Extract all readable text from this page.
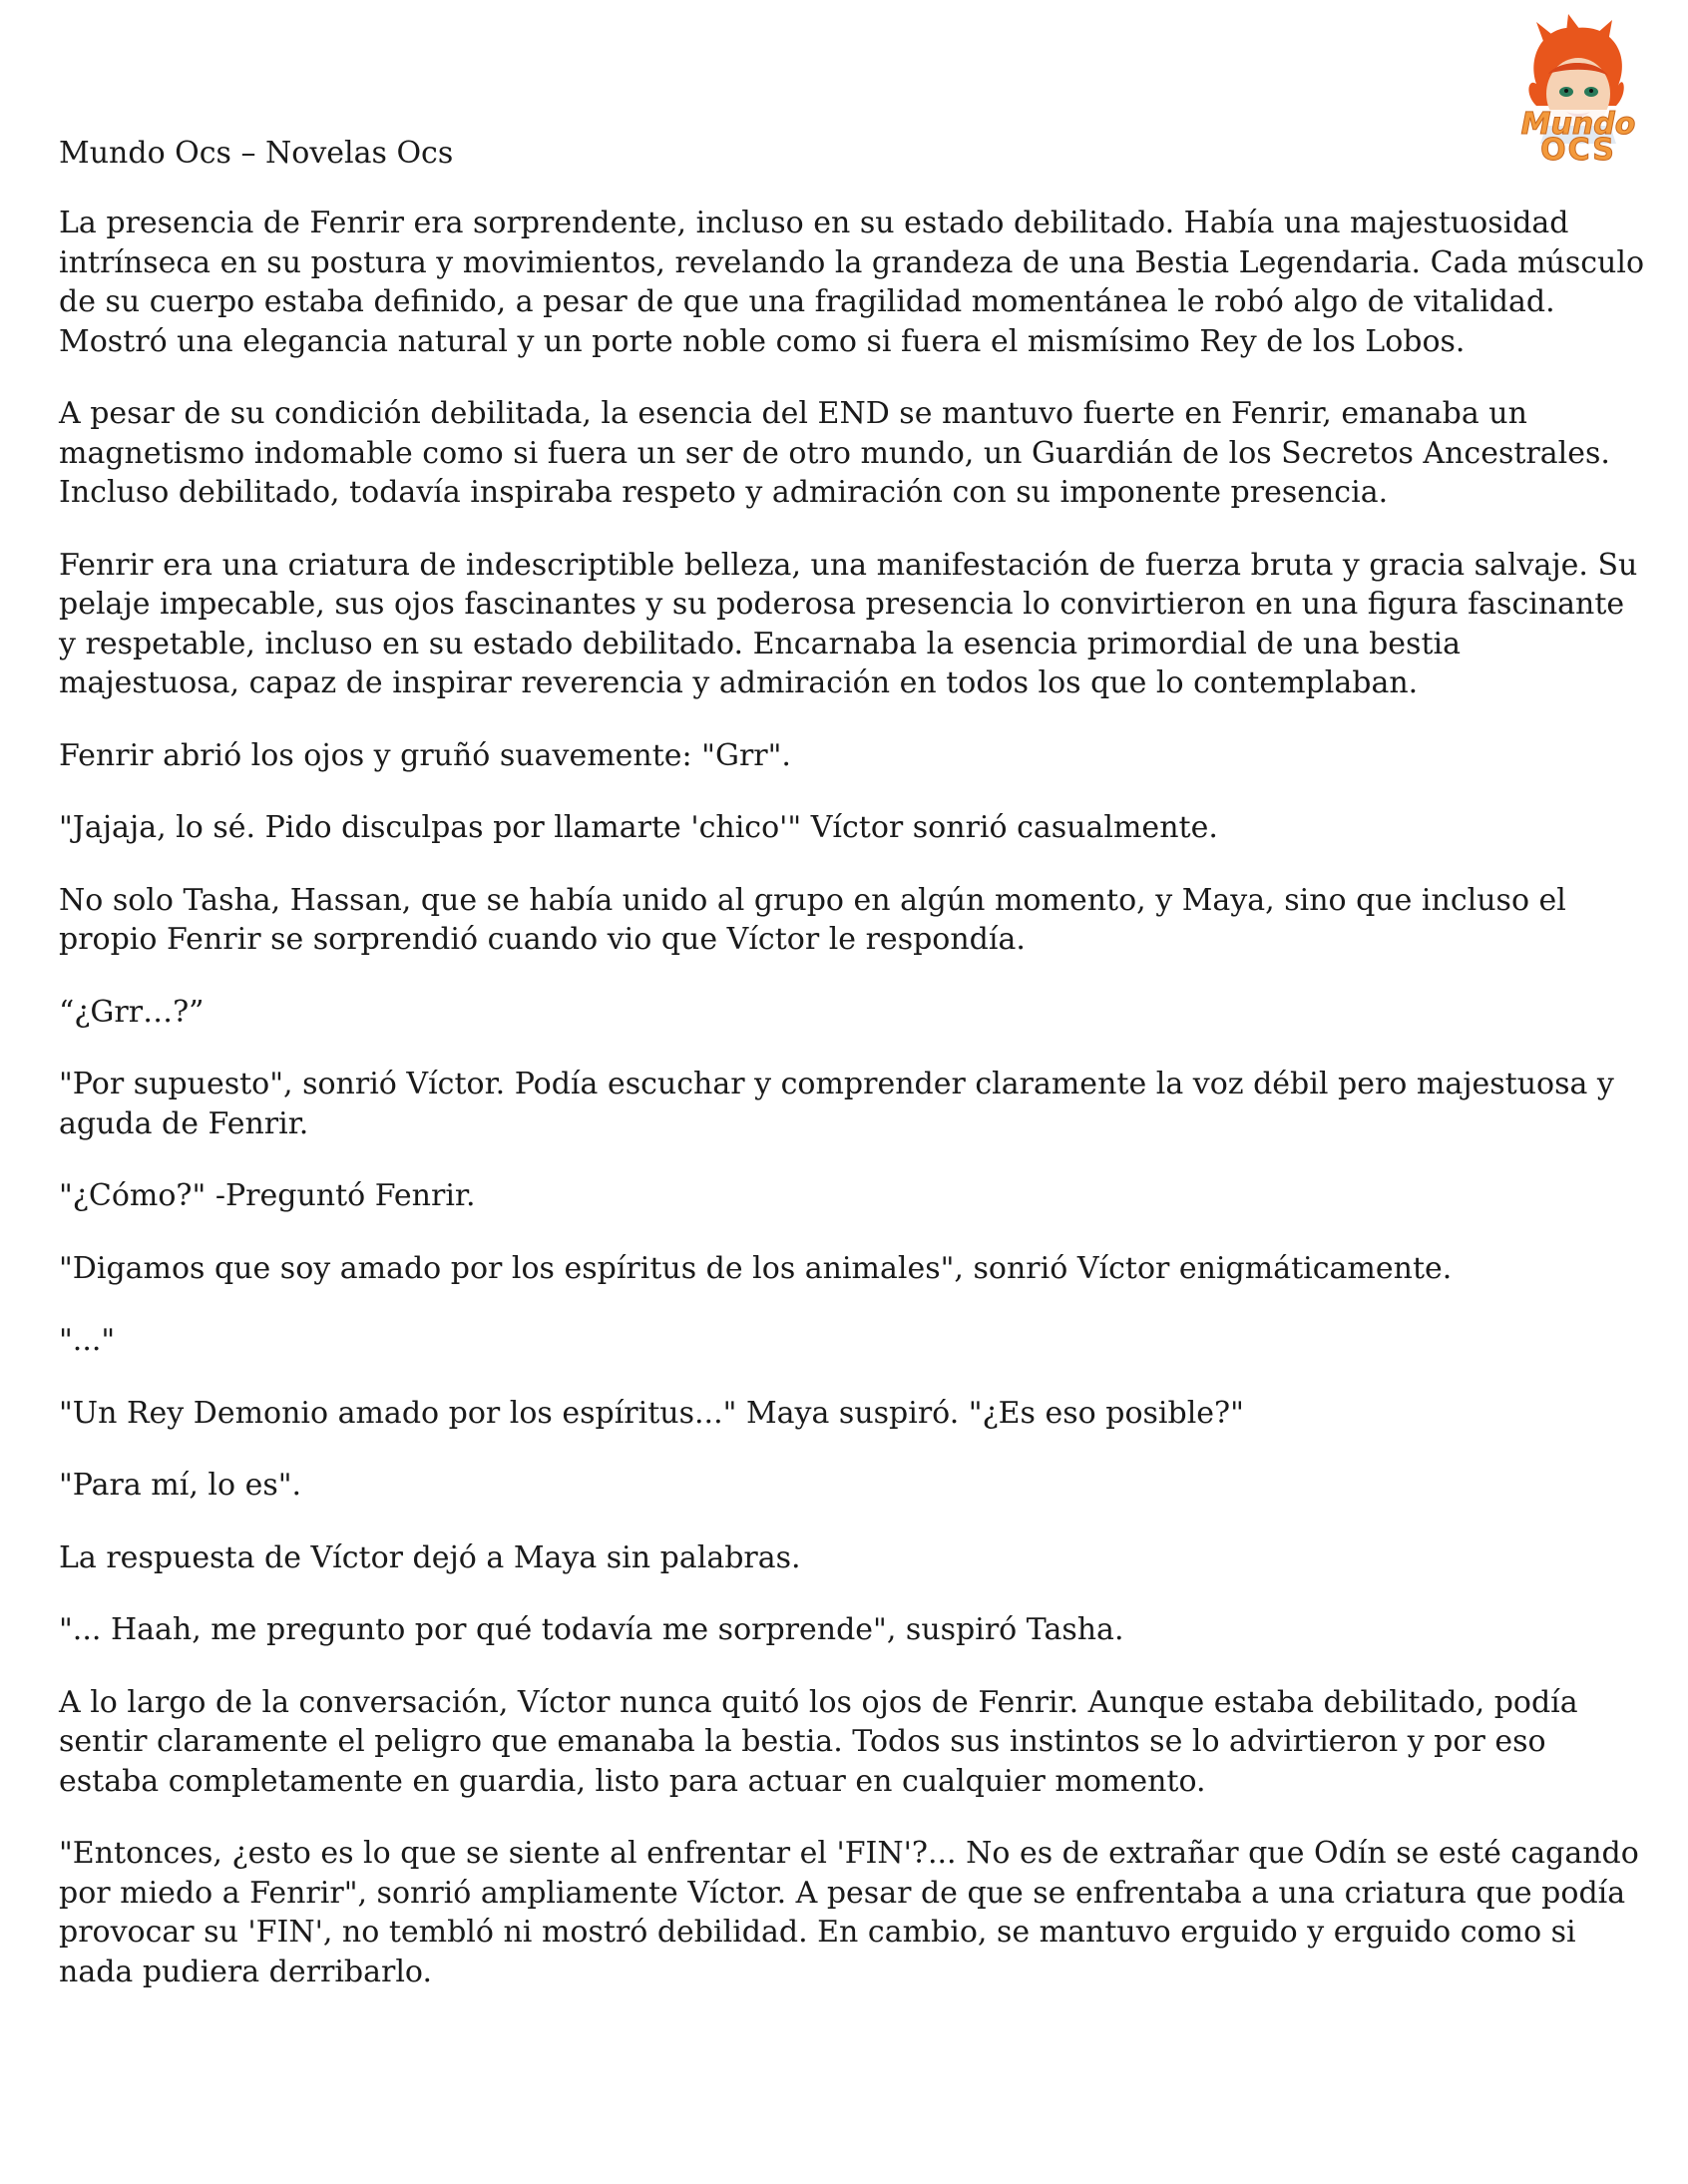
Mundo
OCS
Mundo Ocs – Novelas Ocs

La presencia de Fenrir era sorprendente, incluso en su estado debilitado. Había una majestuosidad intrínseca en su postura y movimientos, revelando la grandeza de una Bestia Legendaria. Cada músculo de su cuerpo estaba definido, a pesar de que una fragilidad momentánea le robó algo de vitalidad. Mostró una elegancia natural y un porte noble como si fuera el mismísimo Rey de los Lobos.

A pesar de su condición debilitada, la esencia del END se mantuvo fuerte en Fenrir, emanaba un magnetismo indomable como si fuera un ser de otro mundo, un Guardián de los Secretos Ancestrales. Incluso debilitado, todavía inspiraba respeto y admiración con su imponente presencia.

Fenrir era una criatura de indescriptible belleza, una manifestación de fuerza bruta y gracia salvaje. Su pelaje impecable, sus ojos fascinantes y su poderosa presencia lo convirtieron en una figura fascinante y respetable, incluso en su estado debilitado. Encarnaba la esencia primordial de una bestia majestuosa, capaz de inspirar reverencia y admiración en todos los que lo contemplaban.

Fenrir abrió los ojos y gruñó suavemente: "Grr".

"Jajaja, lo sé. Pido disculpas por llamarte 'chico'" Víctor sonrió casualmente.

No solo Tasha, Hassan, que se había unido al grupo en algún momento, y Maya, sino que incluso el propio Fenrir se sorprendió cuando vio que Víctor le respondía.

“¿Grr…?”

"Por supuesto", sonrió Víctor. Podía escuchar y comprender claramente la voz débil pero majestuosa y aguda de Fenrir.

"¿Cómo?" -Preguntó Fenrir.

"Digamos que soy amado por los espíritus de los animales", sonrió Víctor enigmáticamente.

"..."

"Un Rey Demonio amado por los espíritus..." Maya suspiró. "¿Es eso posible?"

"Para mí, lo es".

La respuesta de Víctor dejó a Maya sin palabras.

"... Haah, me pregunto por qué todavía me sorprende", suspiró Tasha.

A lo largo de la conversación, Víctor nunca quitó los ojos de Fenrir. Aunque estaba debilitado, podía sentir claramente el peligro que emanaba la bestia. Todos sus instintos se lo advirtieron y por eso estaba completamente en guardia, listo para actuar en cualquier momento.

"Entonces, ¿esto es lo que se siente al enfrentar el 'FIN'?... No es de extrañar que Odín se esté cagando por miedo a Fenrir", sonrió ampliamente Víctor. A pesar de que se enfrentaba a una criatura que podía provocar su 'FIN', no tembló ni mostró debilidad. En cambio, se mantuvo erguido y erguido como si nada pudiera derribarlo.
